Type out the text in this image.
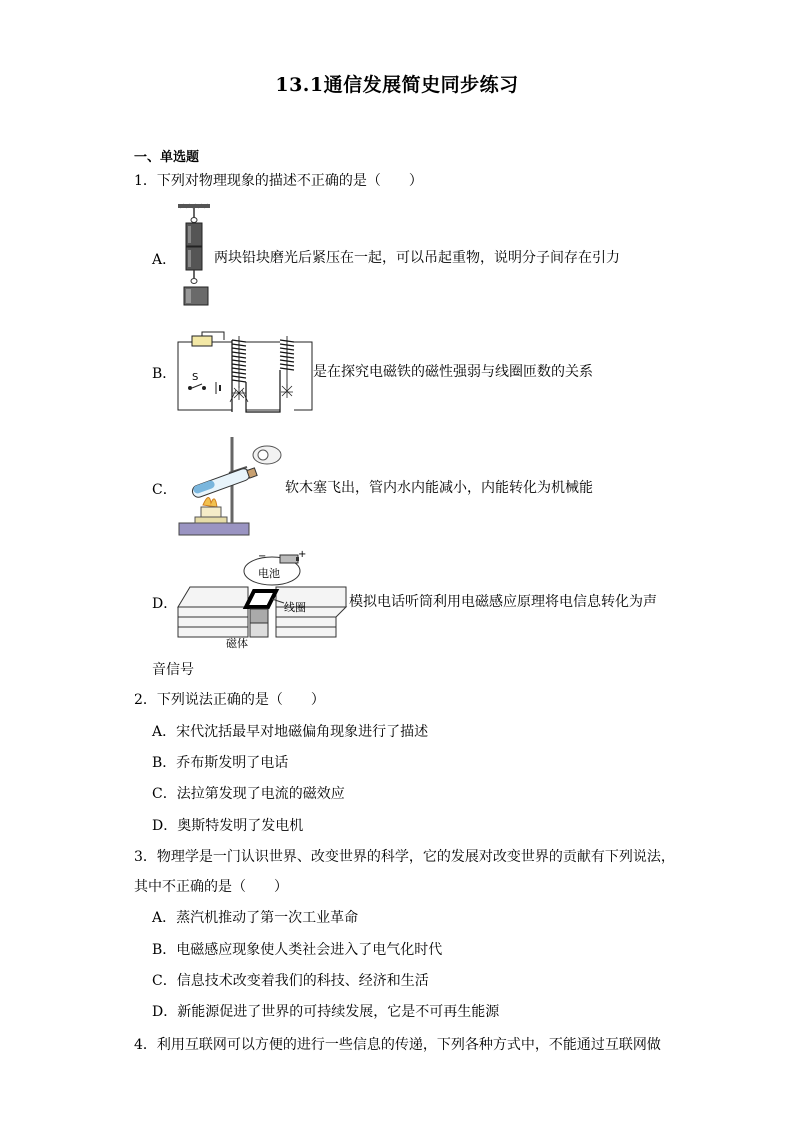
13.1通信发展简史同步练习
一、单选题
1．下列对物理现象的描述不正确的是（　　）
A．	两块铅块磨光后紧压在一起，可以吊起重物，说明分子间存在引力
B． S	是在探究电磁铁的磁性强弱与线圈匝数的关系
C．	软木塞飞出，管内水内能减小，内能转化为机械能
D．
−	+
电池
线圈
磁体
模拟电话听筒利用电磁感应原理将电信息转化为声
音信号
2．下列说法正确的是（　　）
A．宋代沈括最早对地磁偏角现象进行了描述
B．乔布斯发明了电话
C．法拉第发现了电流的磁效应
D．奥斯特发明了发电机
3．物理学是一门认识世界、改变世界的科学，它的发展对改变世界的贡献有下列说法，
其中不正确的是（　　）
A．蒸汽机推动了第一次工业革命
B．电磁感应现象使人类社会进入了电气化时代
C．信息技术改变着我们的科技、经济和生活
D．新能源促进了世界的可持续发展，它是不可再生能源
4．利用互联网可以方便的进行一些信息的传递，下列各种方式中，不能通过互联网做
